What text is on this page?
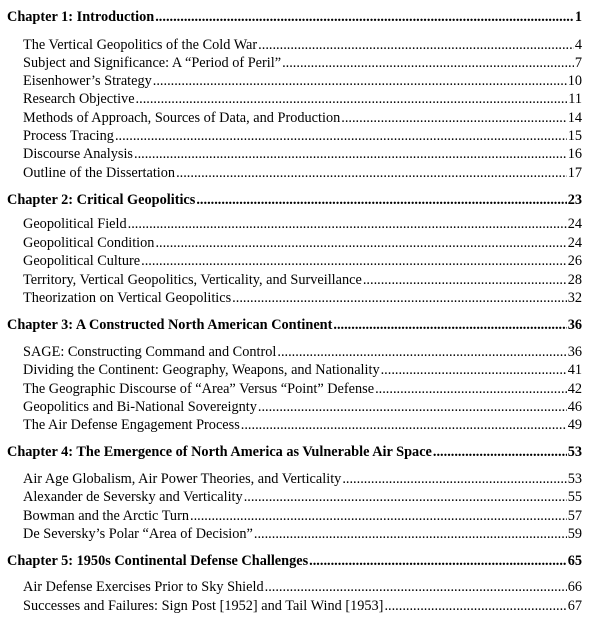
Chapter 1: Introduction .....	1
The Vertical Geopolitics of the Cold War .....	4
Subject and Significance: A “Period of Peril” .....	7
Eisenhower’s Strategy .....	10
Research Objective .....	11
Methods of Approach, Sources of Data, and Production .....	14
Process Tracing .....	15
Discourse Analysis .....	16
Outline of the Dissertation .....	17
Chapter 2: Critical Geopolitics .....	23
Geopolitical Field .....	24
Geopolitical Condition .....	24
Geopolitical Culture .....	26
Territory, Vertical Geopolitics, Verticality, and Surveillance .....	28
Theorization on Vertical Geopolitics .....	32
Chapter 3: A Constructed North American Continent .....	36
SAGE: Constructing Command and Control .....	36
Dividing the Continent: Geography, Weapons, and Nationality .....	41
The Geographic Discourse of “Area” Versus “Point” Defense .....	42
Geopolitics and Bi-National Sovereignty .....	46
The Air Defense Engagement Process .....	49
Chapter 4: The Emergence of North America as Vulnerable Air Space .....	53
Air Age Globalism, Air Power Theories, and Verticality .....	53
Alexander de Seversky and Verticality .....	55
Bowman and the Arctic Turn .....	57
De Seversky’s Polar “Area of Decision” .....	59
Chapter 5: 1950s Continental Defense Challenges .....	65
Air Defense Exercises Prior to Sky Shield .....	66
Successes and Failures: Sign Post [1952] and Tail Wind [1953] .....	67
